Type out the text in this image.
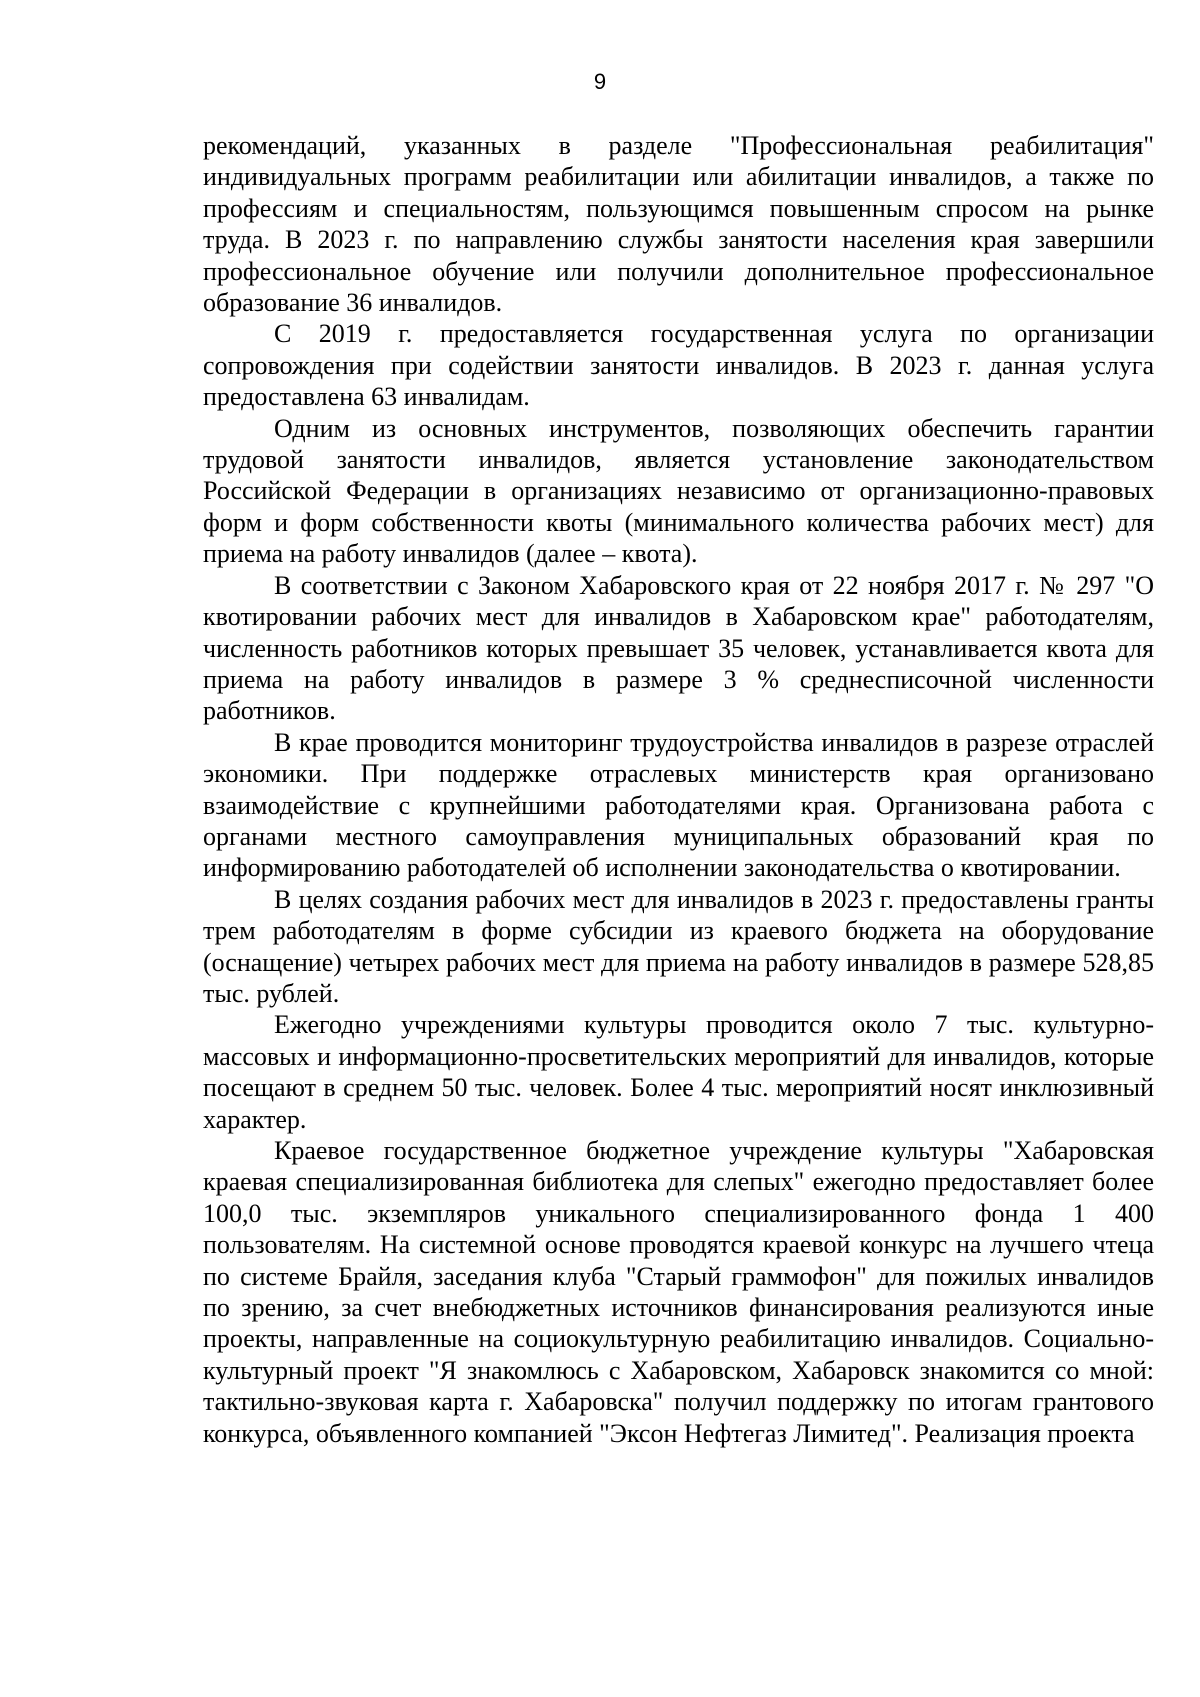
9

рекомендаций, указанных в разделе "Профессиональная реабилитация" индивидуальных программ реабилитации или абилитации инвалидов, а также по профессиям и специальностям, пользующимся повышенным спросом на рынке труда. В 2023 г. по направлению службы занятости населения края завершили профессиональное обучение или получили дополнительное профессиональное образование 36 инвалидов.

С 2019 г. предоставляется государственная услуга по организации сопровождения при содействии занятости инвалидов. В 2023 г. данная услуга предоставлена 63 инвалидам.

Одним из основных инструментов, позволяющих обеспечить гарантии трудовой занятости инвалидов, является установление законодательством Российской Федерации в организациях независимо от организационно-правовых форм и форм собственности квоты (минимального количества рабочих мест) для приема на работу инвалидов (далее – квота).

В соответствии с Законом Хабаровского края от 22 ноября 2017 г. № 297 "О квотировании рабочих мест для инвалидов в Хабаровском крае" работодателям, численность работников которых превышает 35 человек, устанавливается квота для приема на работу инвалидов в размере 3 % среднесписочной численности работников.

В крае проводится мониторинг трудоустройства инвалидов в разрезе отраслей экономики. При поддержке отраслевых министерств края организовано взаимодействие с крупнейшими работодателями края. Организована работа с органами местного самоуправления муниципальных образований края по информированию работодателей об исполнении законодательства о квотировании.

В целях создания рабочих мест для инвалидов в 2023 г. предоставлены гранты трем работодателям в форме субсидии из краевого бюджета на оборудование (оснащение) четырех рабочих мест для приема на работу инвалидов в размере 528,85 тыс. рублей.

Ежегодно учреждениями культуры проводится около 7 тыс. культурно-массовых и информационно-просветительских мероприятий для инвалидов, которые посещают в среднем 50 тыс. человек. Более 4 тыс. мероприятий носят инклюзивный характер.

Краевое государственное бюджетное учреждение культуры "Хабаровская краевая специализированная библиотека для слепых" ежегодно предоставляет более 100,0 тыс. экземпляров уникального специализированного фонда 1 400 пользователям. На системной основе проводятся краевой конкурс на лучшего чтеца по системе Брайля, заседания клуба "Старый граммофон" для пожилых инвалидов по зрению, за счет внебюджетных источников финансирования реализуются иные проекты, направленные на социокультурную реабилитацию инвалидов. Социально-культурный проект "Я знакомлюсь с Хабаровском, Хабаровск знакомится со мной: тактильно-звуковая карта г. Хабаровска" получил поддержку по итогам грантового конкурса, объявленного компанией "Эксон Нефтегаз Лимитед". Реализация проекта
